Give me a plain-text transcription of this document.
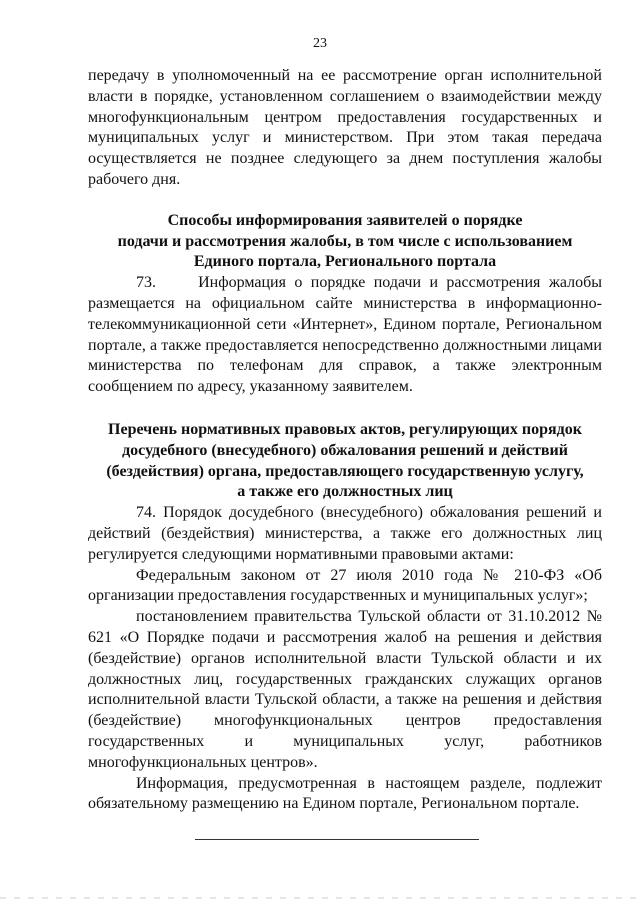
23

передачу в уполномоченный на ее рассмотрение орган исполнительной власти в порядке, установленном соглашением о взаимодействии между многофункциональным центром предоставления государственных и муниципальных услуг и министерством. При этом такая передача осуществляется не позднее следующего за днем поступления жалобы рабочего дня.

Способы информирования заявителей о порядке
подачи и рассмотрения жалобы, в том числе с использованием
Единого портала, Регионального портала

73.     Информация о порядке подачи и рассмотрения жалобы размещается на официальном сайте министерства в информационно-телекоммуникационной сети «Интернет», Едином портале, Региональном портале, а также предоставляется непосредственно должностными лицами министерства по телефонам для справок, а также электронным сообщением по адресу, указанному заявителем.

Перечень нормативных правовых актов, регулирующих порядок
досудебного (внесудебного) обжалования решений и действий
(бездействия) органа, предоставляющего государственную услугу,
а также его должностных лиц

74. Порядок досудебного (внесудебного) обжалования решений и действий (бездействия) министерства, а также его должностных лиц регулируется следующими нормативными правовыми актами:

Федеральным законом от 27 июля 2010 года № 210-ФЗ «Об организации предоставления государственных и муниципальных услуг»;

постановлением правительства Тульской области от 31.10.2012 № 621 «О Порядке подачи и рассмотрения жалоб на решения и действия (бездействие) органов исполнительной власти Тульской области и их должностных лиц, государственных гражданских служащих органов исполнительной власти Тульской области, а также на решения и действия (бездействие) многофункциональных центров предоставления государственных и муниципальных услуг, работников многофункциональных центров».

Информация, предусмотренная в настоящем разделе, подлежит обязательному размещению на Едином портале, Региональном портале.
